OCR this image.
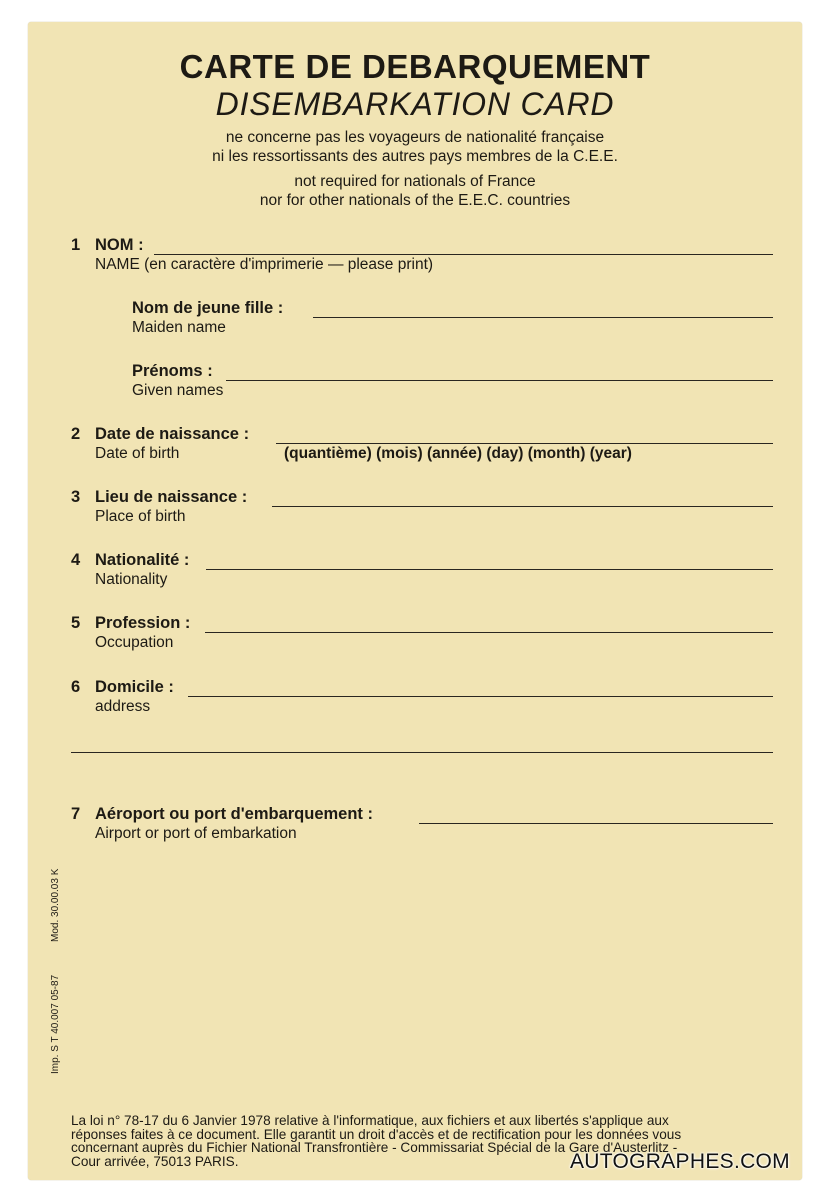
CARTE DE DEBARQUEMENT
DISEMBARKATION CARD
ne concerne pas les voyageurs de nationalité française
ni les ressortissants des autres pays membres de la C.E.E.
not required for nationals of France
nor for other nationals of the E.E.C. countries
1 NOM :
NAME (en caractère d'imprimerie — please print)
Nom de jeune fille :
Maiden name
Prénoms :
Given names
2 Date de naissance :
Date of birth	(quantième) (mois) (année) (day) (month) (year)
3 Lieu de naissance :
Place of birth
4 Nationalité :
Nationality
5 Profession :
Occupation
6 Domicile :
address
7 Aéroport ou port d'embarquement :
Airport or port of embarkation
Mod. 30.00.03 K
Imp. S T 40.007 05-87
La loi n° 78-17 du 6 Janvier 1978 relative à l'informatique, aux fichiers et aux libertés s'applique aux
réponses faites à ce document. Elle garantit un droit d'accès et de rectification pour les données vous
concernant auprès du Fichier National Transfrontière - Commissariat Spécial de la Gare d'Austerlitz -
Cour arrivée, 75013 PARIS.	AUTOGRAPHES.COM
